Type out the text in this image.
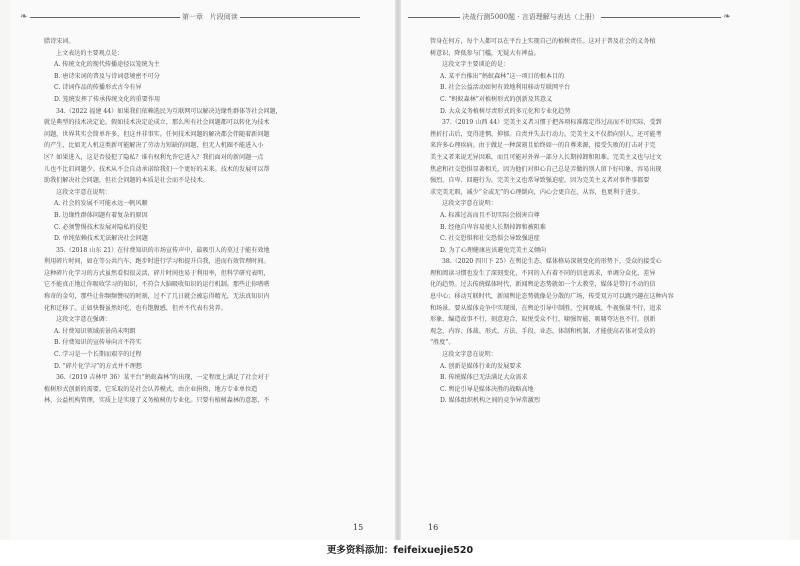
❧	第一章 片段阅读	决战行测5000题 · 言语理解与表达（上册）	❧

腊诗宋词。

上文表达的主要观点是：

A. 传统文化的现代传播途径以笼统为主

B. 唐诗宋词的普及与诗词意境密不可分

C. 诗词作品的传播形式古今有异

D. 笼统发挥了传承传统文化的重要作用

34.（2022 福建 44）如果我们依赖选民为互联网可以解决边缘性群体等社会问题，

就是典型的技术决定论。假如技术决定论成立，那么所有社会问题都可以转化为技术

问题，世界其实会简单许多，但这并非事实。任何技术问题的解决都会伴随着新问题

的产生，比如无人机这类新可能解决了劳动力短缺的问题，但无人机圈不能进入小

区？如果进入，这是否侵犯了隐私？谁有权利允许它进入？我们面对的新问题一点

儿也不比旧问题少。技术从不会自动承诺给我们一个更好的未来。技术的发展可以帮

助我们解决社会问题，但社会问题的本质是社会而不是技术。

这段文字意在说明：

A. 社会的发展不可能永远一帆风顺

B. 边缘性群体问题有着复杂的原因

C. 必须警惕技术发展对隐私的侵犯

D. 单纯依赖技术无法解决社会问题

35.（2018 山东 21）在付费知识的市场宣传声中，最吸引人的莫过于能有效地

利用碎片时间，如在等公共汽车、跑步时进行学习和提升自我，进而有效管理时间。

这种碎片化学习的方式虽然看似很灵活，碎片时间也易于利用率，但科学研究表明，

它不能真正地让你吸收学习的知识，不符合大脑吸收知识的运行机制。那些让你嗜嗜

称奇的金句，那些让你频频赞叹的时刻，过不了几日就会被忘得精光，无法真知识内

化和迁移了。正如快餐虽然好吃，也有饱腹感，但并不代表有营养。

这段文字意在强调：

A. 付费知识领域前景尚未明朗

B. 付费知识的宣传导向言不符实

C. 学习是一个长期而艰辛的过程

D. “碎片化学习”的方式并不理想

36.（2019 吉林甲 36）某平台“蚂蚁森林”的出现，一定程度上满足了社会对于

植树形式创新的需要。它采取的是社会认养模式，由企业捐资，地方专业单位造

林，公益机构管理，实质上是实现了义务植树的专业化。只要有植树森林的意愿，不

管身在何方，每个人都可以在平台上实现自己的植树责任。这对于普及社会的义务植

树意识，降低参与门槛，无疑大有裨益。

这段文字主要谈论的是：

A. 某平台推出“蚂蚁森林”这一项目的根本目的

B. 社会公益活动如何有效地利用移动互联网平台

C. “蚂蚁森林”对植树形式的创新及其意义

D. 大众义务植树尽责形式的多元化和专业化趋势

37.（2019 山西 44）完美主义者习惯于把各项标准都定得过高而不切实际，受到

挫折打击后，变得迷惘、抑郁。自责并失去行动力。完美主义不仅指向别人，还可能考

来许多心理疾病。由于做足一种深刻且始终如一的自尊来源，接受失败的打击对于完

美主义者来说无异因难，而且可能对外界一部分人长期掉卸和阻难。完美主义也与过文

焦虑和社交恐惧显著相关，因为他们对担心自己总是弄做的别人留下好印象，容易出现

强烈、自卑、回避行为。完美主义也常导致强迫症，因为完美主义者对事件事都要

求完美无瑕，减少“全或无”的心理倒向，内心会更自在、从容，也更利于进步。

这段文字意在说明：

A. 标准过高而且不切实际会损害自尊

B. 经他自卑容易使人长期掉卸和被阻难

C. 社交恐惧和社交恐惧会导致强迫症

D. 为了心理健康应该避免完美主义倾向

38.（2020 四川下 25）在舆论生态、媒体格局深刻变化的形势下，受众的接受心

理和阅读习惯也发生了深刻变化，不同的人有着不同的信息需求，单调分众化、差异

化的趋势。过去传统媒体时代，新闻舆论态势就如一个大教堂，媒体是带打不动的信

息中心；移动互联时代，新闻舆论态势就像是分散的广场，传受双方可以跳兴趣在这种内容

和场景。要从媒体竞争中实现围，在舆论引导中制胜，空间观域、牛视强量不行，追求

形象、编造故事不行，刻意迎合，取悦受众不行，啸强智能、吸啸夸达也不行。创新

观念、内容、体裁、形式、方法、手段、业态、体制和机制，才能使高若体对受众的

“胜度”。

这段文字意在说明：

A. 创新是媒体行业的发展要求

B. 传统媒体已无法满足大众需求

C. 舆论引导是媒体决胜的战略高地

D. 媒体组织机构之间的竞争异常激烈

15	16
更多资料添加：feifeixuejie520
